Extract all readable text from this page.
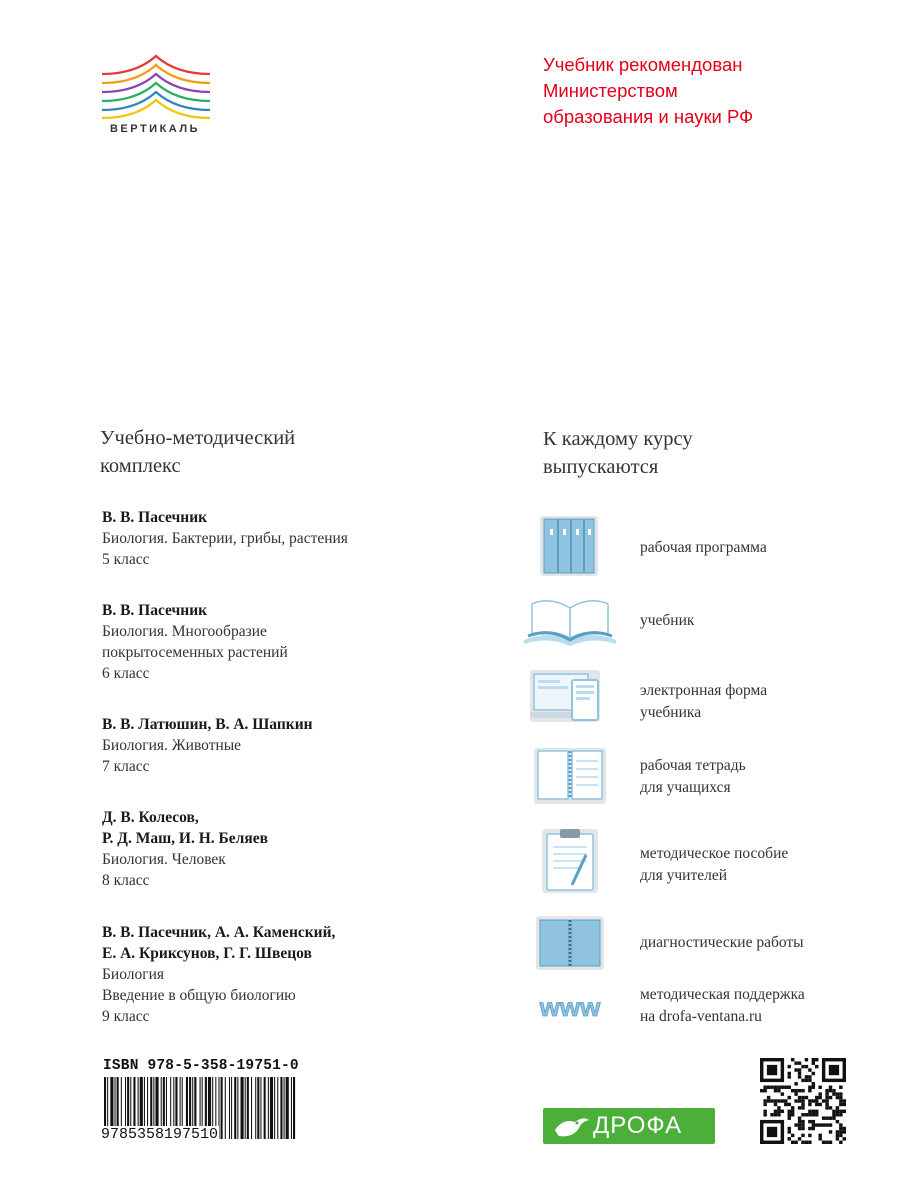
ВЕРТИКАЛЬ
Учебник рекомендован
Министерством
образования и науки РФ
Учебно-методический
комплекс
В. В. Пасечник
Биология. Бактерии, грибы, растения
5 класс
В. В. Пасечник
Биология. Многообразие
покрытосеменных растений
6 класс
В. В. Латюшин, В. А. Шапкин
Биология. Животные
7 класс
Д. В. Колесов,
Р. Д. Маш, И. Н. Беляев
Биология. Человек
8 класс
В. В. Пасечник, А. А. Каменский,
Е. А. Криксунов, Г. Г. Швецов
Биология
Введение в общую биологию
9 класс
К каждому курсу
выпускаются
рабочая программа
учебник
электронная форма
учебника
рабочая тетрадь
для учащихся
методическое пособие
для учителей
диагностические работы
www	методическая поддержка
на drofa-ventana.ru
ISBN 978-5-358-19751-0
9785358197510	ДРОФА
